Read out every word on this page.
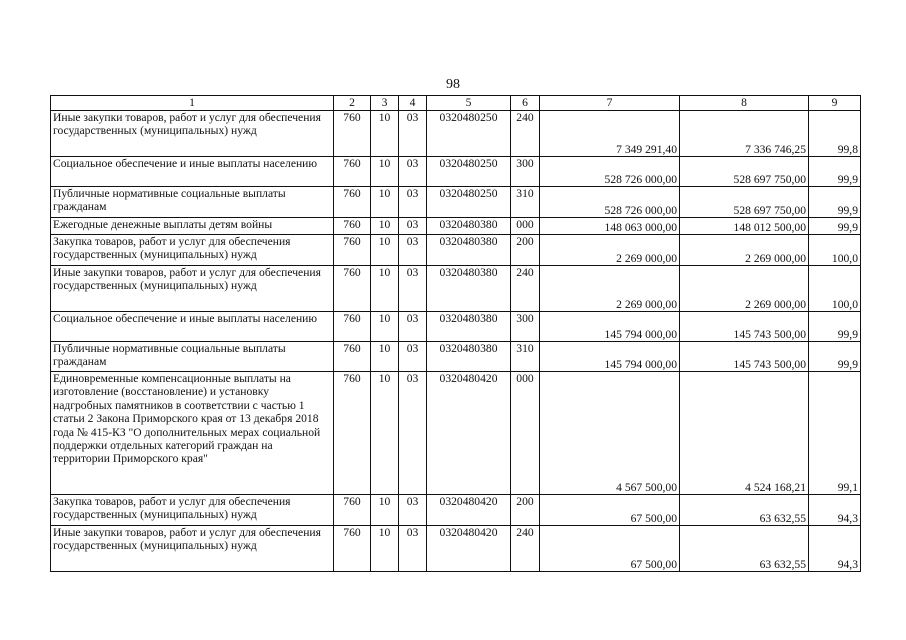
98
1	2	3	4	5	6	7	8	9
Иные закупки товаров, работ и услуг для обеспечения государственных (муниципальных) нужд	760	10	03	0320480250	240	7 349 291,40	7 336 746,25	99,8
Социальное обеспечение и иные выплаты населению	760	10	03	0320480250	300	528 726 000,00	528 697 750,00	99,9
Публичные нормативные социальные выплаты гражданам	760	10	03	0320480250	310	528 726 000,00	528 697 750,00	99,9
Ежегодные денежные выплаты детям войны	760	10	03	0320480380	000	148 063 000,00	148 012 500,00	99,9
Закупка товаров, работ и услуг для обеспечения государственных (муниципальных) нужд	760	10	03	0320480380	200	2 269 000,00	2 269 000,00	100,0
Иные закупки товаров, работ и услуг для обеспечения государственных (муниципальных) нужд	760	10	03	0320480380	240	2 269 000,00	2 269 000,00	100,0
Социальное обеспечение и иные выплаты населению	760	10	03	0320480380	300	145 794 000,00	145 743 500,00	99,9
Публичные нормативные социальные выплаты гражданам	760	10	03	0320480380	310	145 794 000,00	145 743 500,00	99,9
Единовременные компенсационные выплаты на изготовление (восстановление) и установку надгробных памятников в соответствии с частью 1 статьи 2 Закона Приморского края от 13 декабря 2018 года № 415-КЗ "О дополнительных мерах социальной поддержки отдельных категорий граждан на территории Приморского края"	760	10	03	0320480420	000	4 567 500,00	4 524 168,21	99,1
Закупка товаров, работ и услуг для обеспечения государственных (муниципальных) нужд	760	10	03	0320480420	200	67 500,00	63 632,55	94,3
Иные закупки товаров, работ и услуг для обеспечения государственных (муниципальных) нужд	760	10	03	0320480420	240	67 500,00	63 632,55	94,3
